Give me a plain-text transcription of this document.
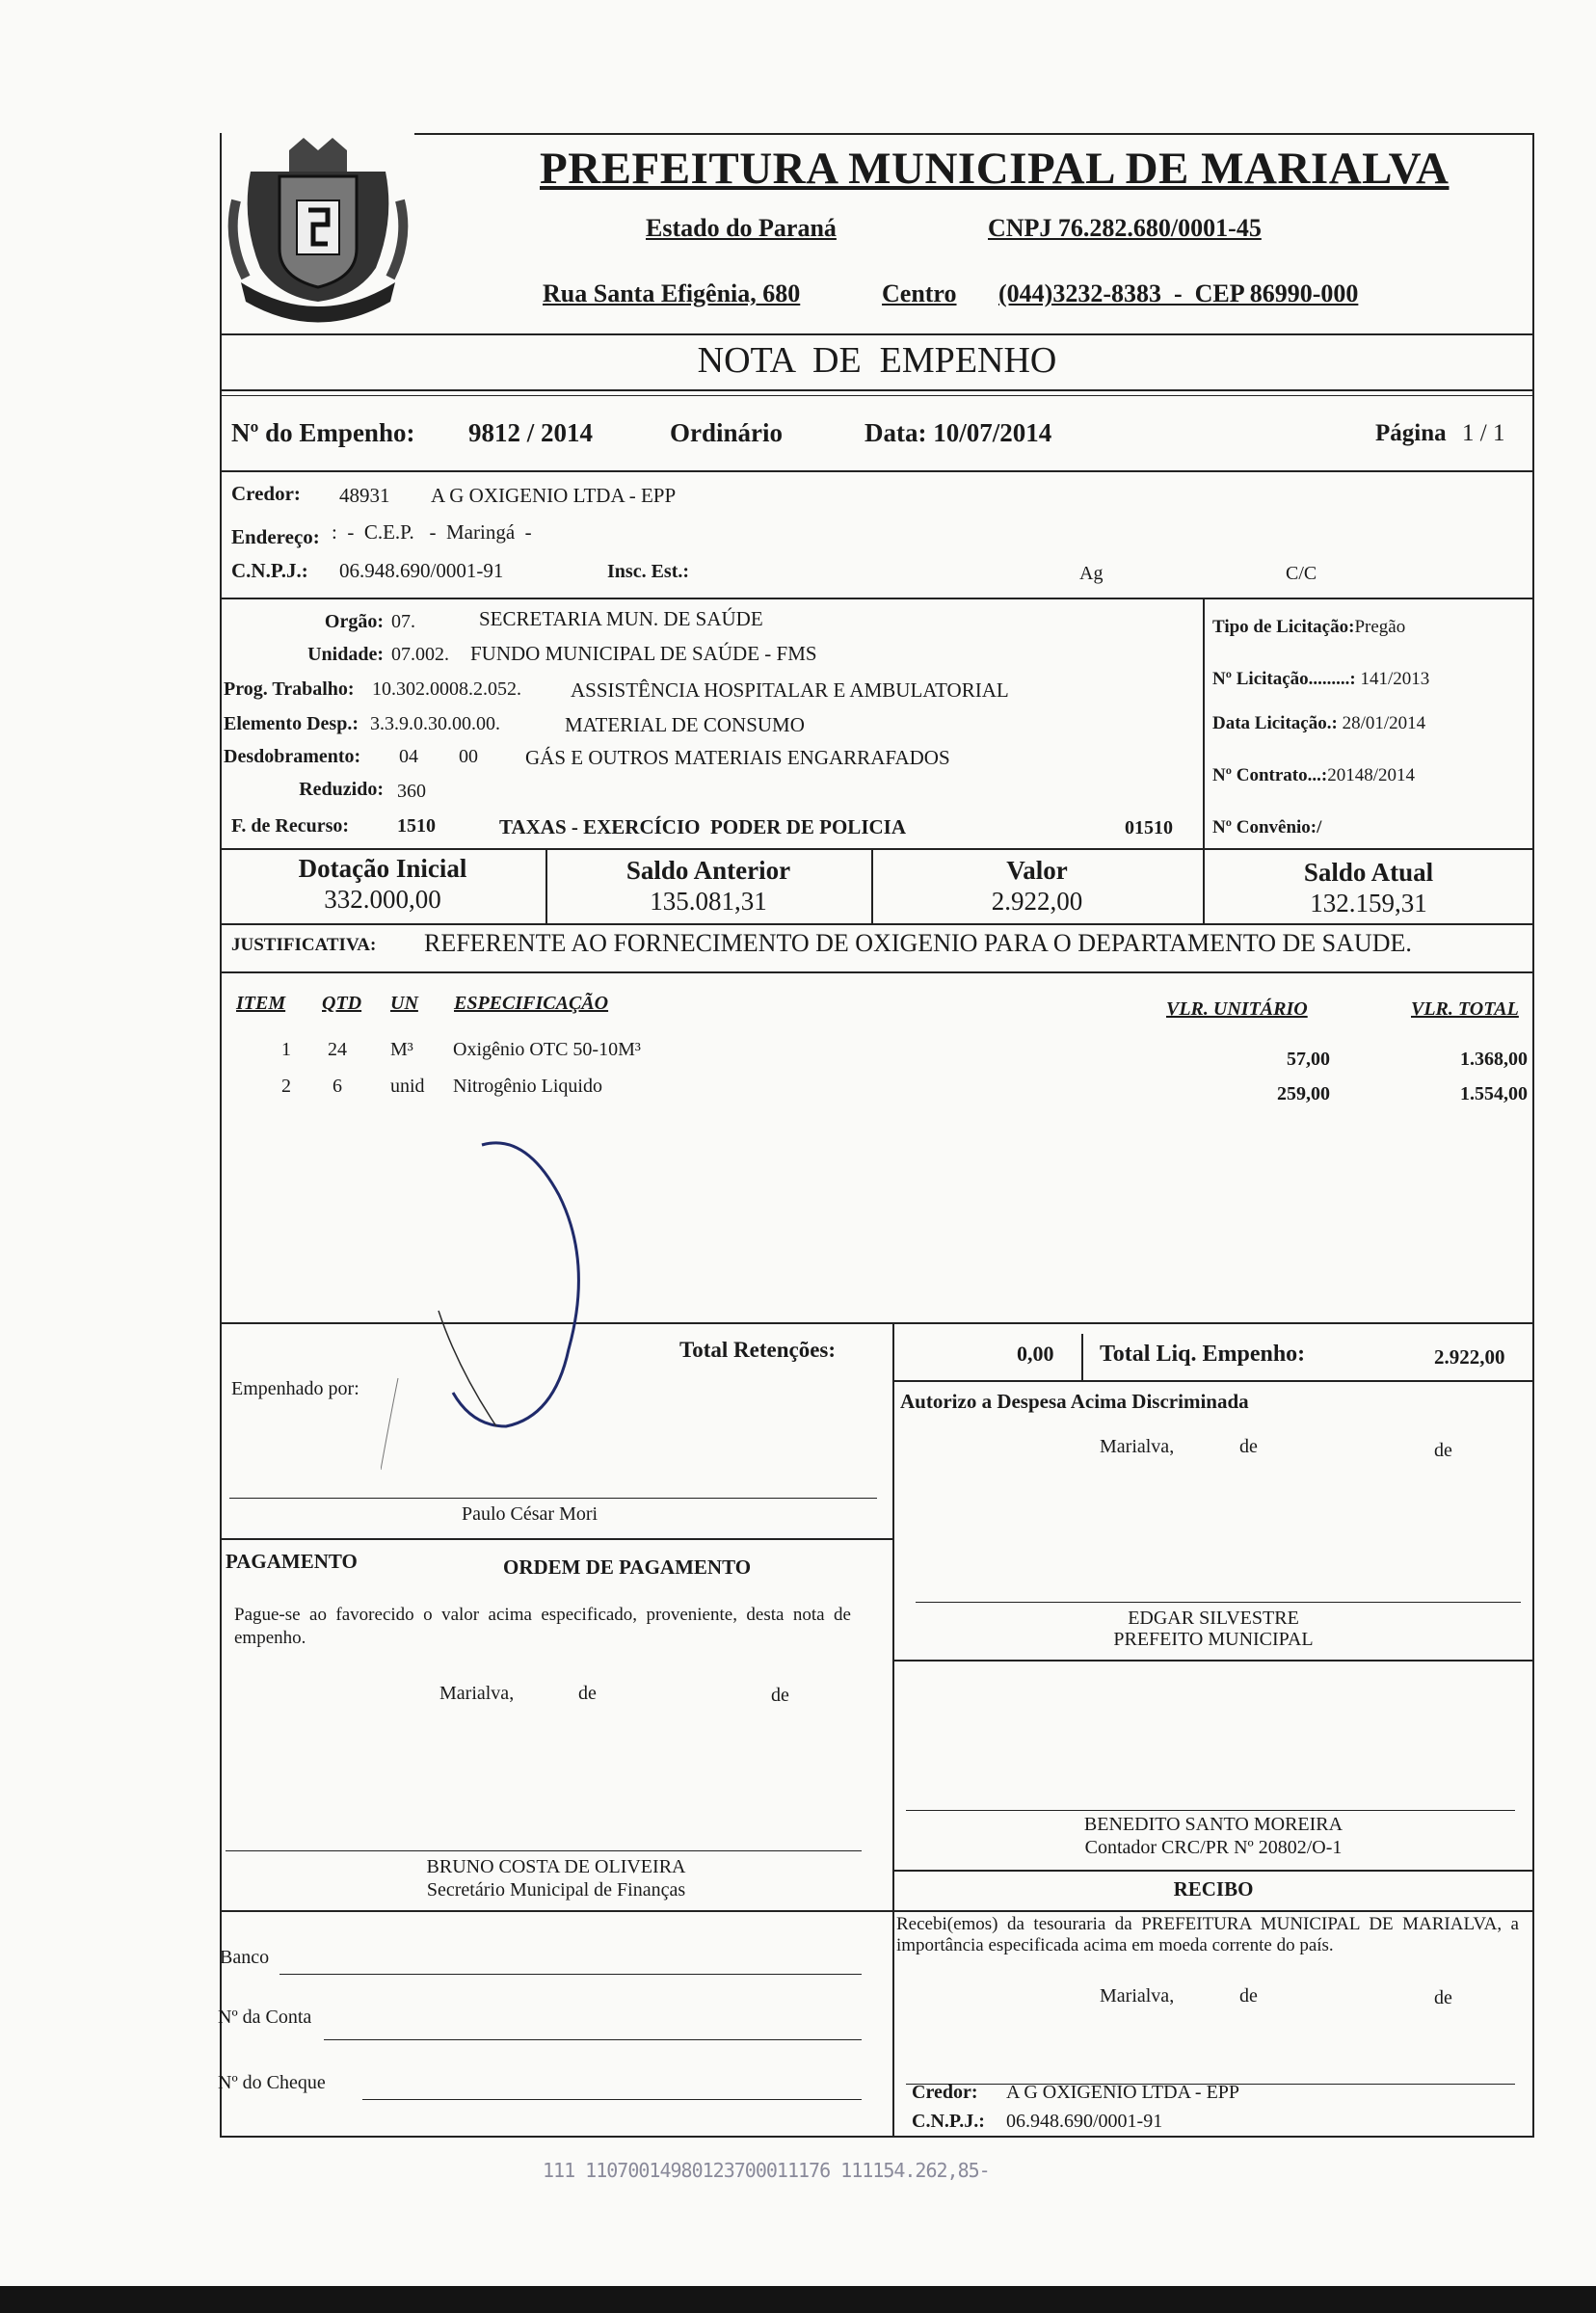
PREFEITURA MUNICIPAL DE MARIALVA
Estado do Paraná	CNPJ 76.282.680/0001-45
Rua Santa Efigênia, 680	Centro (044)3232-8383  -  CEP 86990-000
NOTA  DE  EMPENHO
Nº do Empenho: 9812 / 2014	Ordinário	Data: 10/07/2014	Página 1 / 1
Credor: 48931 A G OXIGENIO LTDA - EPP
Endereço: :  -  C.E.P.   -  Maringá  -
C.N.P.J.: 06.948.690/0001-91	Insc. Est.:	Ag	C/C
Orgão: 07.	SECRETARIA MUN. DE SAÚDE
Unidade: 07.002. FUNDO MUNICIPAL DE SAÚDE - FMS
Prog. Trabalho: 10.302.0008.2.052. ASSISTÊNCIA HOSPITALAR E AMBULATORIAL
Elemento Desp.: 3.3.9.0.30.00.00.	MATERIAL DE CONSUMO
Desdobramento: 04 00 GÁS E OUTROS MATERIAIS ENGARRAFADOS
Reduzido: 360
F. de Recurso: 1510	TAXAS - EXERCÍCIO  PODER DE POLICIA	01510
Tipo de Licitação:Pregão
Nº Licitação.........: 141/2013
Data Licitação.: 28/01/2014
Nº Contrato...:20148/2014
Nº Convênio:/
Dotação Inicial
332.000,00
Saldo Anterior
135.081,31
Valor
2.922,00
Saldo Atual
132.159,31
JUSTIFICATIVA: REFERENTE AO FORNECIMENTO DE OXIGENIO PARA O DEPARTAMENTO DE SAUDE.
ITEM QTD UN ESPECIFICAÇÃO	VLR. UNITÁRIO	VLR. TOTAL
1 24 M³ Oxigênio OTC 50-10M³	57,00	1.368,00
2 6	unid Nitrogênio Liquido	259,00	1.554,00
Total Retenções:	0,00 Total Liq. Empenho:	2.922,00
Empenhado por:
Paulo César Mori
Autorizo a Despesa Acima Discriminada
Marialva,	de	de
EDGAR SILVESTRE
PREFEITO MUNICIPAL
PAGAMENTO	ORDEM DE PAGAMENTO
Pague-se ao favorecido o valor acima especificado, proveniente, desta nota de empenho.
Marialva,	de	de
BRUNO COSTA DE OLIVEIRA
Secretário Municipal de Finanças
BENEDITO SANTO MOREIRA
Contador CRC/PR Nº 20802/O-1
Banco
Nº da Conta
Nº do Cheque
RECIBO
Recebi(emos) da tesouraria da PREFEITURA MUNICIPAL DE MARIALVA, a importância especificada acima em moeda corrente do país.
Marialva,	de	de
Credor: A G OXIGENIO LTDA - EPP
C.N.P.J.: 06.948.690/0001-91
111 11070014980123700011176 111154.262,85-
